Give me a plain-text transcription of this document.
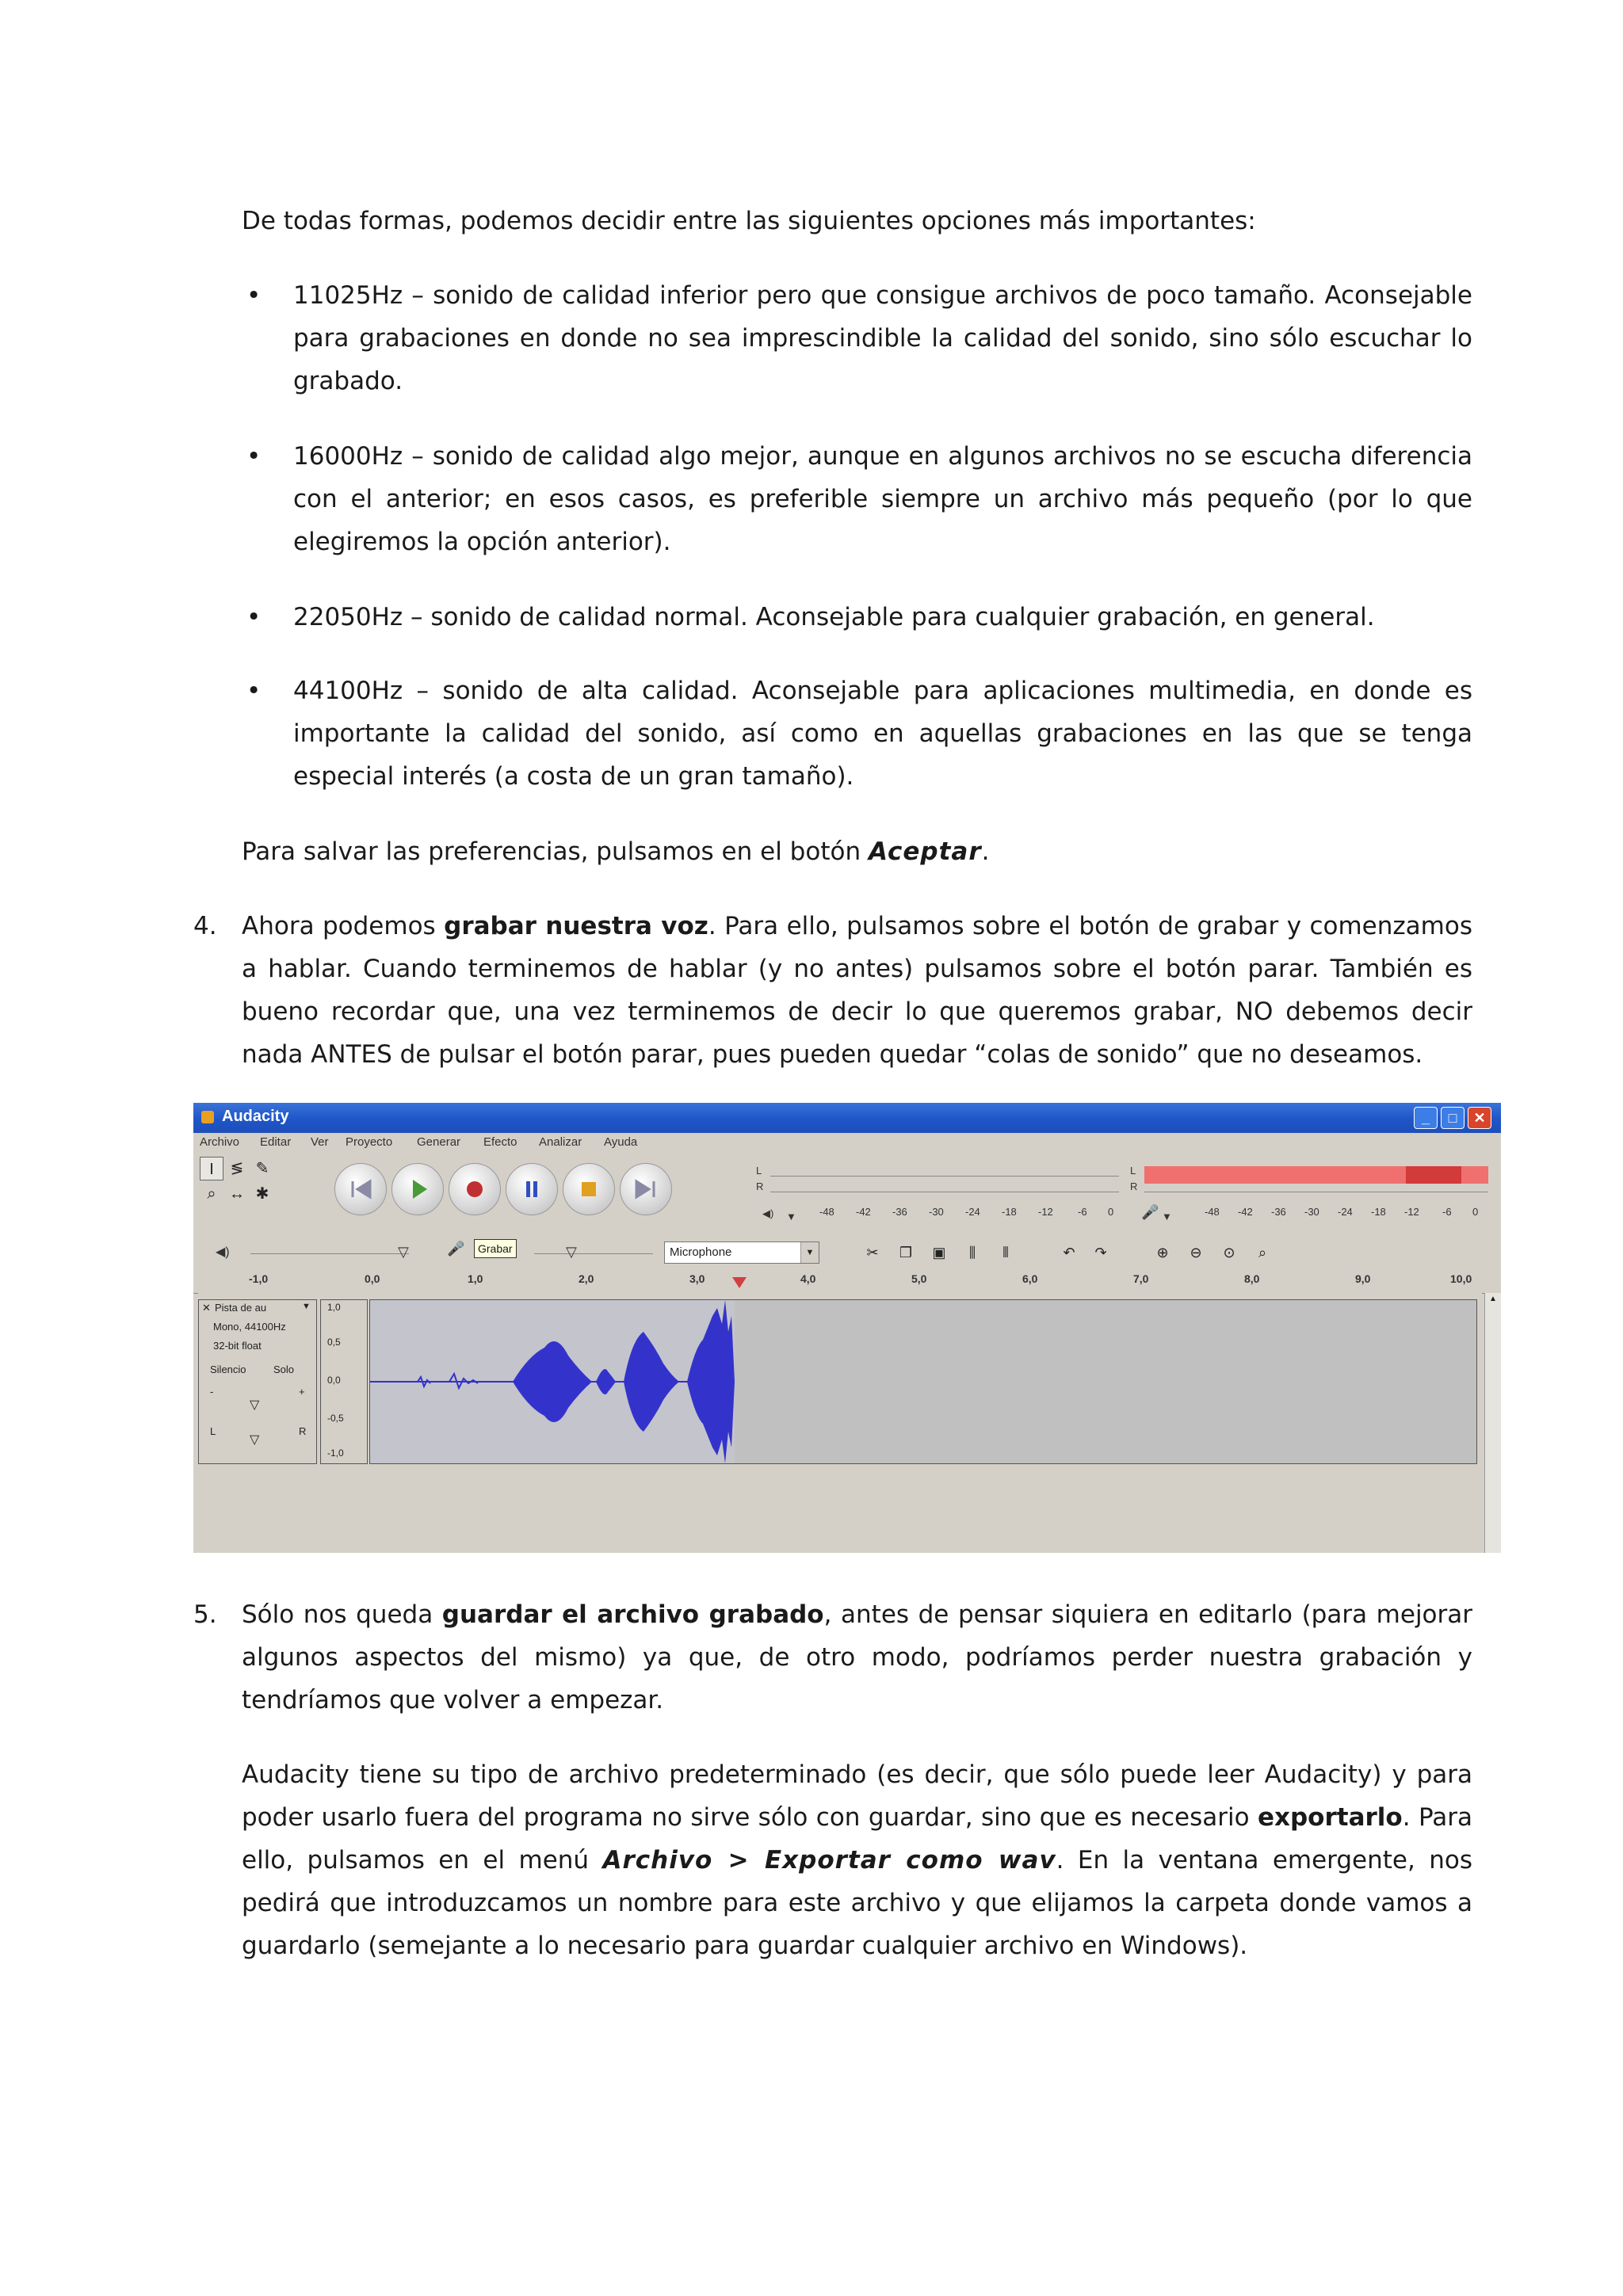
De todas formas, podemos decidir entre las siguientes opciones más importantes:

• 11025Hz – sonido de calidad inferior pero que consigue archivos de poco tamaño. Aconsejable para grabaciones en donde no sea imprescindible la calidad del sonido, sino sólo escuchar lo grabado.

• 16000Hz – sonido de calidad algo mejor, aunque en algunos archivos no se escucha diferencia con el anterior; en esos casos, es preferible siempre un archivo más pequeño (por lo que elegiremos la opción anterior).

• 22050Hz – sonido de calidad normal. Aconsejable para cualquier grabación, en general.

• 44100Hz – sonido de alta calidad. Aconsejable para aplicaciones multimedia, en donde es importante la calidad del sonido, así como en aquellas grabaciones en las que se tenga especial interés (a costa de un gran tamaño).

Para salvar las preferencias, pulsamos en el botón Aceptar.

4. Ahora podemos grabar nuestra voz. Para ello, pulsamos sobre el botón de grabar y comenzamos a hablar. Cuando terminemos de hablar (y no antes) pulsamos sobre el botón parar. También es bueno recordar que, una vez terminemos de decir lo que queremos grabar, NO debemos decir nada ANTES de pulsar el botón parar, pues pueden quedar “colas de sonido” que no deseamos.

Audacity	_	□	✕
Archivo Editar Ver Proyecto Generar Efecto Analizar Ayuda
I	≶ ✎
⌕ ↔ ✱
L
R
◀) ▼ -48 -42 -36 -30 -24 -18 -12 -6 0
L
R
🎤 ▼	-48 -42 -36 -30 -24 -18 -12 -6 0
◀)	▽	🎤	Grabar	▽	Microphone	▼	✂	❐	▣	⫼	⫴	↶	↷	⊕	⊖	⊙	⌕
-1,0	0,0	1,0	2,0	3,0	4,0	5,0	6,0	7,0	8,0	9,0	10,0
✕ Pista de au	▼
Mono, 44100Hz
32-bit float
Silencio	Solo
-	+
▽
L	R
▽
1,0
0,5
0,0
-0,5
-1,0
▲
5. Sólo nos queda guardar el archivo grabado, antes de pensar siquiera en editarlo (para mejorar algunos aspectos del mismo) ya que, de otro modo, podríamos perder nuestra grabación y tendríamos que volver a empezar.

Audacity tiene su tipo de archivo predeterminado (es decir, que sólo puede leer Audacity) y para poder usarlo fuera del programa no sirve sólo con guardar, sino que es necesario exportarlo. Para ello, pulsamos en el menú Archivo > Exportar como wav. En la ventana emergente, nos pedirá que introduzcamos un nombre para este archivo y que elijamos la carpeta donde vamos a guardarlo (semejante a lo necesario para guardar cualquier archivo en Windows).
